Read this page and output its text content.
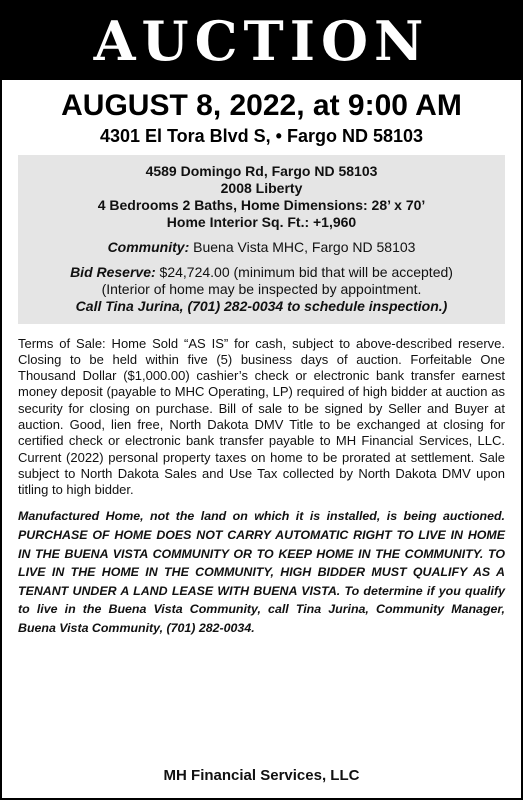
AUCTION
AUGUST 8, 2022, at 9:00 AM
4301 El Tora Blvd S, • Fargo ND 58103
4589 Domingo Rd, Fargo ND 58103
2008 Liberty
4 Bedrooms 2 Baths, Home Dimensions: 28’ x 70’
Home Interior Sq. Ft.: +1,960
Community: Buena Vista MHC, Fargo ND 58103
Bid Reserve: $24,724.00 (minimum bid that will be accepted)
(Interior of home may be inspected by appointment.
Call Tina Jurina, (701) 282-0034 to schedule inspection.)
Terms of Sale: Home Sold “AS IS” for cash, subject to above-described reserve. Closing to be held within five (5) business days of auction. Forfeitable One Thousand Dollar ($1,000.00) cashier’s check or electronic bank transfer earnest money deposit (payable to MHC Operating, LP) required of high bidder at auction as security for closing on purchase. Bill of sale to be signed by Seller and Buyer at auction. Good, lien free, North Dakota DMV Title to be exchanged at closing for certified check or electronic bank transfer payable to MH Financial Services, LLC. Current (2022) personal property taxes on home to be prorated at settlement. Sale subject to North Dakota Sales and Use Tax collected by North Dakota DMV upon titling to high bidder.
Manufactured Home, not the land on which it is installed, is being auctioned. PURCHASE OF HOME DOES NOT CARRY AUTOMATIC RIGHT TO LIVE IN HOME IN THE BUENA VISTA COMMUNITY OR TO KEEP HOME IN THE COMMUNITY. TO LIVE IN THE HOME IN THE COMMUNITY, HIGH BIDDER MUST QUALIFY AS A TENANT UNDER A LAND LEASE WITH BUENA VISTA. To determine if you qualify to live in the Buena Vista Community, call Tina Jurina, Community Manager, Buena Vista Community, (701) 282-0034.
MH Financial Services, LLC
